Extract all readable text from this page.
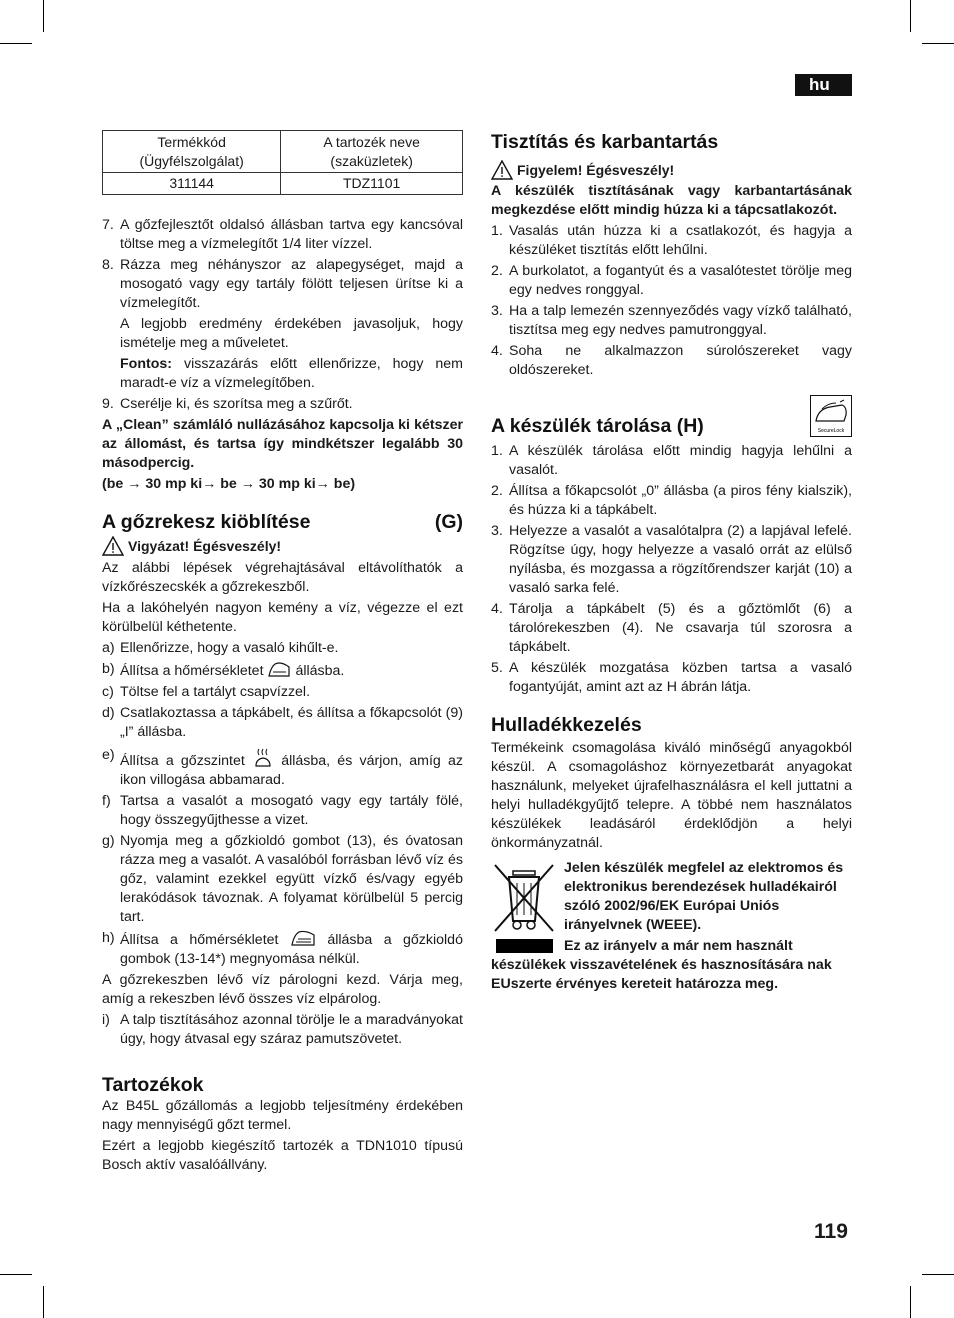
hu
Termékkód (Ügyfélszolgálat)	A tartozék neve (szaküzletek)
311144	TDZ1101
7. A gőzfejlesztőt oldalsó állásban tartva egy kancsóval töltse meg a vízmelegítőt 1/4 liter vízzel.
8. Rázza meg néhányszor az alapegységet, majd a mosogató vagy egy tartály fölött teljesen ürítse ki a vízmelegítőt.

A legjobb eredmény érdekében javasoljuk, hogy ismételje meg a műveletet.

Fontos: visszazárás előtt ellenőrizze, hogy nem maradt-e víz a vízmelegítőben.

9. Cserélje ki, és szorítsa meg a szűrőt.

A „Clean” számláló nullázásához kapcsolja ki kétszer az állomást, és tartsa így mindkétszer legalább 30 másodpercig.

(be → 30 mp ki→ be → 30 mp ki→ be)

A gőzrekesz kiöblítése	(G)
Vigyázat! Égésveszély!

Az alábbi lépések végrehajtásával eltávolíthatók a vízkőrészecskék a gőzrekeszből.

Ha a lakóhelyén nagyon kemény a víz, végezze el ezt körülbelül kéthetente.

a) Ellenőrizze, hogy a vasaló kihűlt-e.
b) Állítsa a hőmérsékletet állásba.
c) Töltse fel a tartályt csapvízzel.
d) Csatlakoztassa a tápkábelt, és állítsa a főkapcsolót (9) „I” állásba.
e) Állítsa a gőzszintet	állásba, és várjon, amíg az ikon villogása abbamarad.
f) Tartsa a vasalót a mosogató vagy egy tartály fölé, hogy összegyűjthesse a vizet.
g) Nyomja meg a gőzkioldó gombot (13), és óvatosan rázza meg a vasalót. A vasalóból forrásban lévő víz és gőz, valamint ezekkel együtt vízkő és/vagy egyéb lerakódások távoznak. A folyamat körülbelül 5 percig tart.
h) Állítsa a hőmérsékletet	állásba a gőzkioldó gombok (13-14*) megnyomása nélkül.

A gőzrekeszben lévő víz párologni kezd. Várja meg, amíg a rekeszben lévő összes víz elpárolog.

i) A talp tisztításához azonnal törölje le a maradványokat úgy, hogy átvasal egy száraz pamutszövetet.
Tartozékok

Az B45L gőzállomás a legjobb teljesítmény érdekében nagy mennyiségű gőzt termel.

Ezért a legjobb kiegészítő tartozék a TDN1010 típusú Bosch aktív vasalóállvány.

Tisztítás és karbantartás
Figyelem! Égésveszély!

A készülék tisztításának vagy karbantartásának megkezdése előtt mindig húzza ki a tápcsatlakozót.

1. Vasalás után húzza ki a csatlakozót, és hagyja a készüléket tisztítás előtt lehűlni.
2. A burkolatot, a fogantyút és a vasalótestet törölje meg egy nedves ronggyal.
3. Ha a talp lemezén szennyeződés vagy vízkő található, tisztítsa meg egy nedves pamutronggyal.
4. Soha ne alkalmazzon súrolószereket vagy oldószereket.
A készülék tárolása (H)	SecureLock
1. A készülék tárolása előtt mindig hagyja lehűlni a vasalót.
2. Állítsa a főkapcsolót „0” állásba (a piros fény kialszik), és húzza ki a tápkábelt.
3. Helyezze a vasalót a vasalótalpra (2) a lapjával lefelé. Rögzítse úgy, hogy helyezze a vasaló orrát az elülső nyílásba, és mozgassa a rögzítőrendszer karját (10) a vasaló sarka felé.
4. Tárolja a tápkábelt (5) és a gőztömlőt (6) a tárolórekeszben (4). Ne csavarja túl szorosra a tápkábelt.
5. A készülék mozgatása közben tartsa a vasaló fogantyúját, amint azt az H ábrán látja.
Hulladékkezelés

Termékeink csomagolása kiváló minőségű anyagokból készül. A csomagoláshoz környezetbarát anyagokat használunk, melyeket újrafelhasználásra el kell juttatni a helyi hulladékgyűjtő telepre. A többé nem használatos készülékek leadásáról érdeklődjön a helyi önkormányzatnál.

Jelen készülék megfelel az elektromos és elektronikus berendezések hulladékairól szóló 2002/96/EK Európai Uniós irányelvnek (WEEE).

Ez az irányelv a már nem használt készülékek visszavételének és hasznosítására nak EUszerte érvényes kereteit határozza meg.

119
